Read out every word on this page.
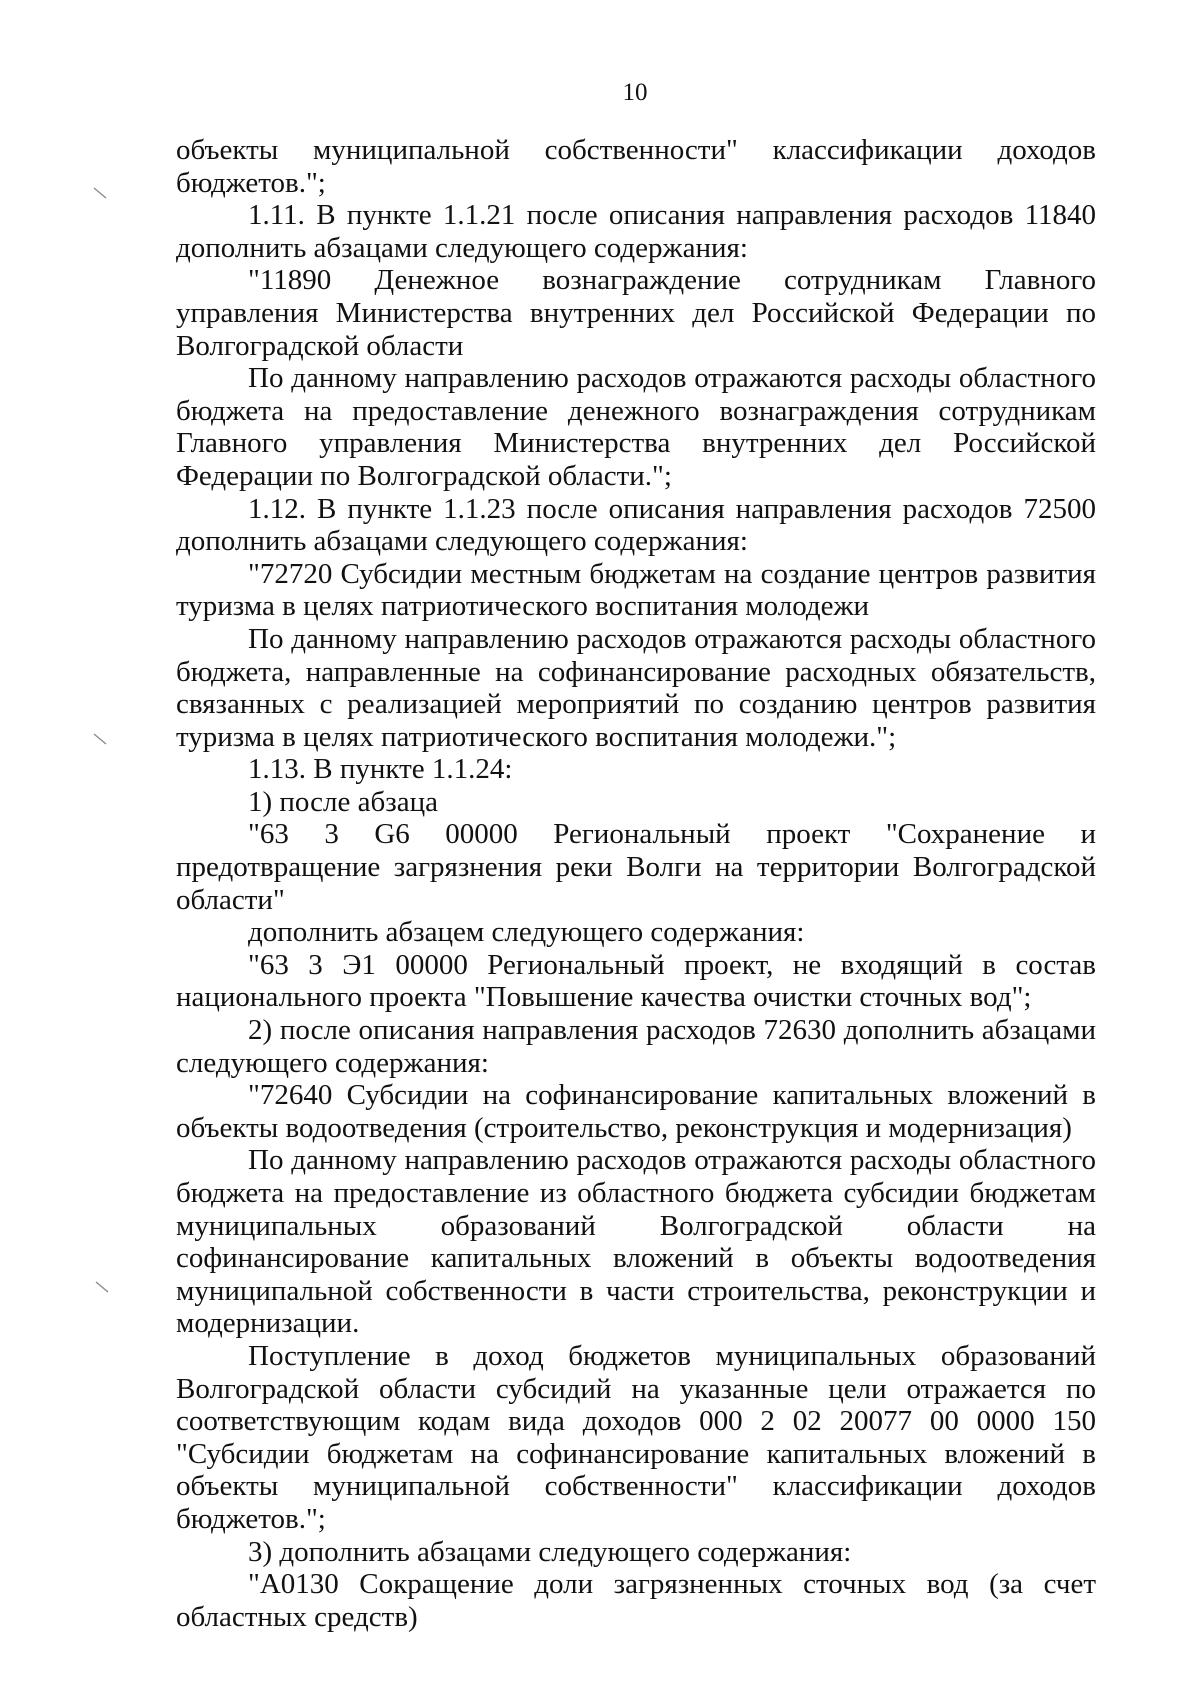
10

объекты муниципальной собственности" классификации доходов бюджетов.";

1.11. В пункте 1.1.21 после описания направления расходов 11840 дополнить абзацами следующего содержания:

"11890 Денежное вознаграждение сотрудникам Главного управления Министерства внутренних дел Российской Федерации по Волгоградской области

По данному направлению расходов отражаются расходы областного бюджета на предоставление денежного вознаграждения сотрудникам Главного управления Министерства внутренних дел Российской Федерации по Волгоградской области.";

1.12. В пункте 1.1.23 после описания направления расходов 72500 дополнить абзацами следующего содержания:

"72720 Субсидии местным бюджетам на создание центров развития туризма в целях патриотического воспитания молодежи

По данному направлению расходов отражаются расходы областного бюджета, направленные на софинансирование расходных обязательств, связанных с реализацией мероприятий по созданию центров развития туризма в целях патриотического воспитания молодежи.";

1.13. В пункте 1.1.24:

1) после абзаца

"63 3 G6 00000 Региональный проект "Сохранение и предотвращение загрязнения реки Волги на территории Волгоградской области"

дополнить абзацем следующего содержания:

"63 3 Э1 00000 Региональный проект, не входящий в состав национального проекта "Повышение качества очистки сточных вод";

2) после описания направления расходов 72630 дополнить абзацами следующего содержания:

"72640 Субсидии на софинансирование капитальных вложений в объекты водоотведения (строительство, реконструкция и модернизация)

По данному направлению расходов отражаются расходы областного бюджета на предоставление из областного бюджета субсидии бюджетам муниципальных образований Волгоградской области на софинансирование капитальных вложений в объекты водоотведения муниципальной собственности в части строительства, реконструкции и модернизации.

Поступление в доход бюджетов муниципальных образований Волгоградской области субсидий на указанные цели отражается по соответствующим кодам вида доходов 000 2 02 20077 00 0000 150 "Субсидии бюджетам на софинансирование капитальных вложений в объекты муниципальной собственности" классификации доходов бюджетов.";

3) дополнить абзацами следующего содержания:

"А0130 Сокращение доли загрязненных сточных вод (за счет областных средств)
